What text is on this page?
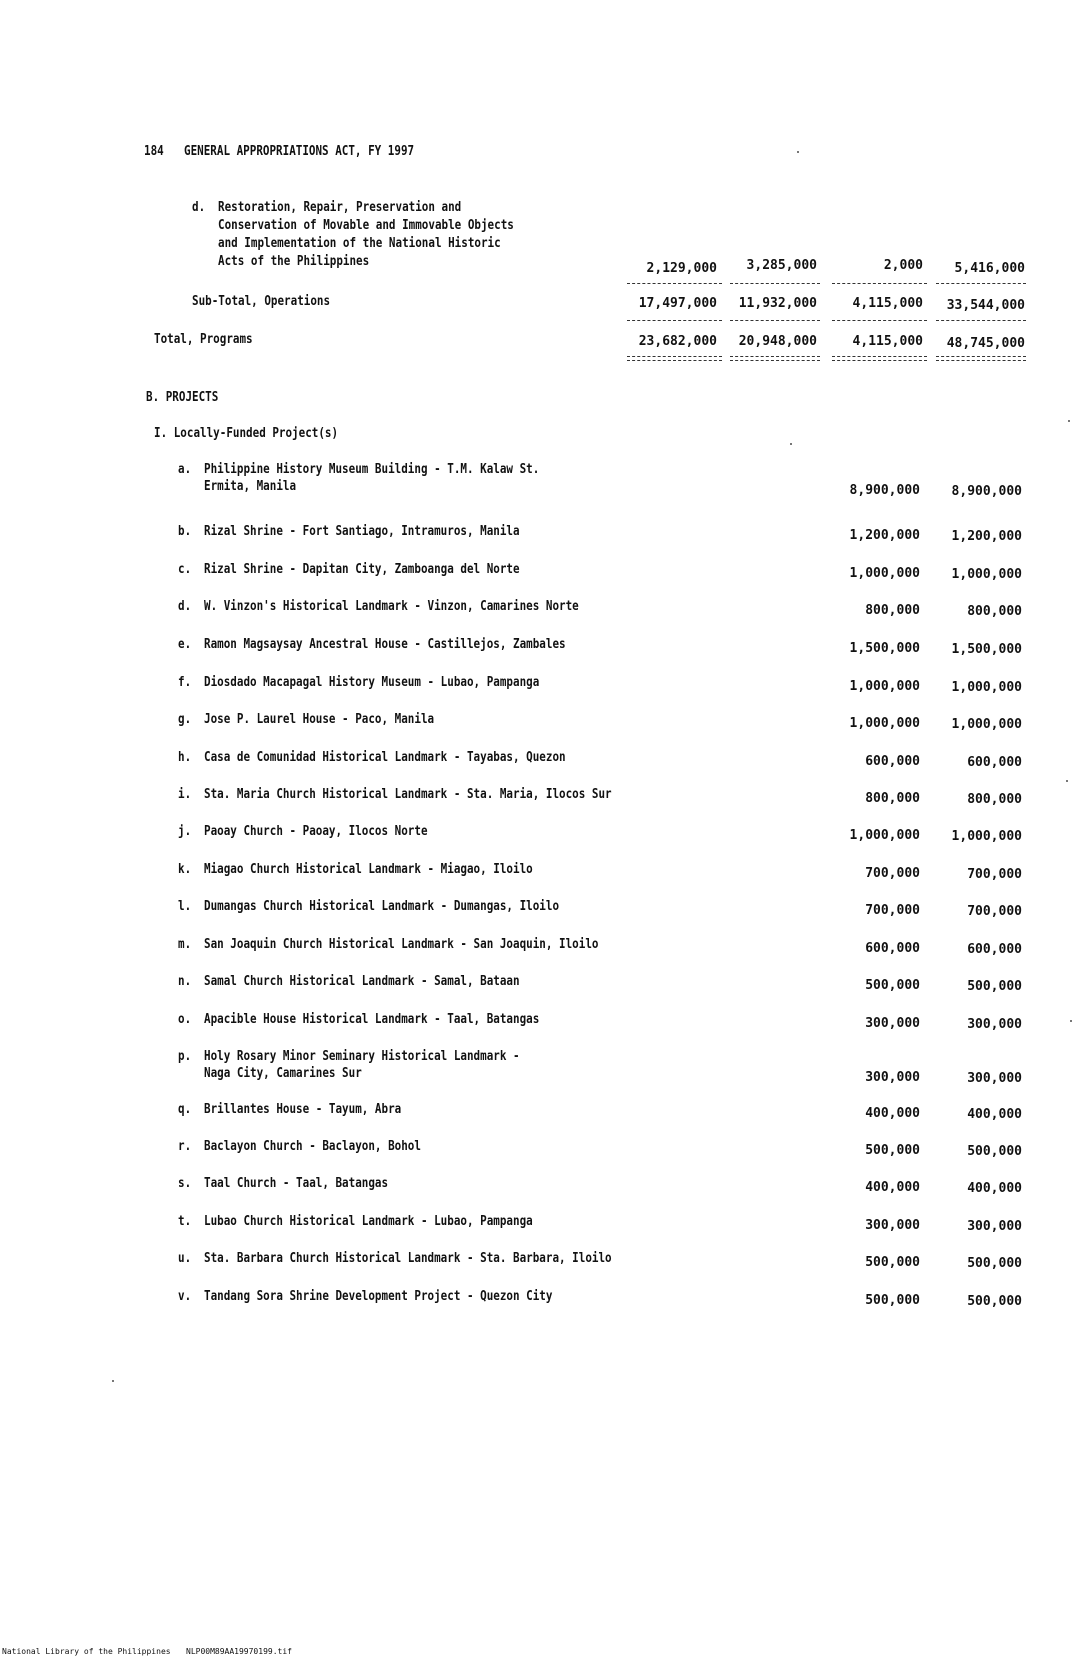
184 GENERAL APPROPRIATIONS ACT, FY 1997
d. Restoration, Repair, Preservation and
Conservation of Movable and Immovable Objects
and Implementation of the National Historic
Acts of the Philippines	2,129,000 3,285,000	2,000 5,416,000
Sub-Total, Operations	17,497,000 11,932,000	4,115,000 33,544,000
Total, Programs	23,682,000 20,948,000	4,115,000 48,745,000
B. PROJECTS
I. Locally-Funded Project(s)
a. Philippine History Museum Building - T.M. Kalaw St.
Ermita, Manila	8,900,000 8,900,000
b. Rizal Shrine - Fort Santiago, Intramuros, Manila	1,200,000 1,200,000
c. Rizal Shrine - Dapitan City, Zamboanga del Norte	1,000,000 1,000,000
d. W. Vinzon's Historical Landmark - Vinzon, Camarines Norte	800,000	800,000
e. Ramon Magsaysay Ancestral House - Castillejos, Zambales	1,500,000 1,500,000
f. Diosdado Macapagal History Museum - Lubao, Pampanga	1,000,000 1,000,000
g. Jose P. Laurel House - Paco, Manila	1,000,000 1,000,000
h. Casa de Comunidad Historical Landmark - Tayabas, Quezon	600,000	600,000
i. Sta. Maria Church Historical Landmark - Sta. Maria, Ilocos Sur	800,000	800,000
j. Paoay Church - Paoay, Ilocos Norte	1,000,000 1,000,000
k. Miagao Church Historical Landmark - Miagao, Iloilo	700,000	700,000
l. Dumangas Church Historical Landmark - Dumangas, Iloilo	700,000	700,000
m. San Joaquin Church Historical Landmark - San Joaquin, Iloilo	600,000	600,000
n. Samal Church Historical Landmark - Samal, Bataan	500,000	500,000
o. Apacible House Historical Landmark - Taal, Batangas	300,000	300,000
p. Holy Rosary Minor Seminary Historical Landmark -
Naga City, Camarines Sur	300,000	300,000
q. Brillantes House - Tayum, Abra	400,000	400,000
r. Baclayon Church - Baclayon, Bohol	500,000	500,000
s. Taal Church - Taal, Batangas	400,000	400,000
t. Lubao Church Historical Landmark - Lubao, Pampanga	300,000	300,000
u. Sta. Barbara Church Historical Landmark - Sta. Barbara, Iloilo	500,000	500,000
v. Tandang Sora Shrine Development Project - Quezon City	500,000	500,000
National Library of the Philippines NLP00M89AA19970199.tif
